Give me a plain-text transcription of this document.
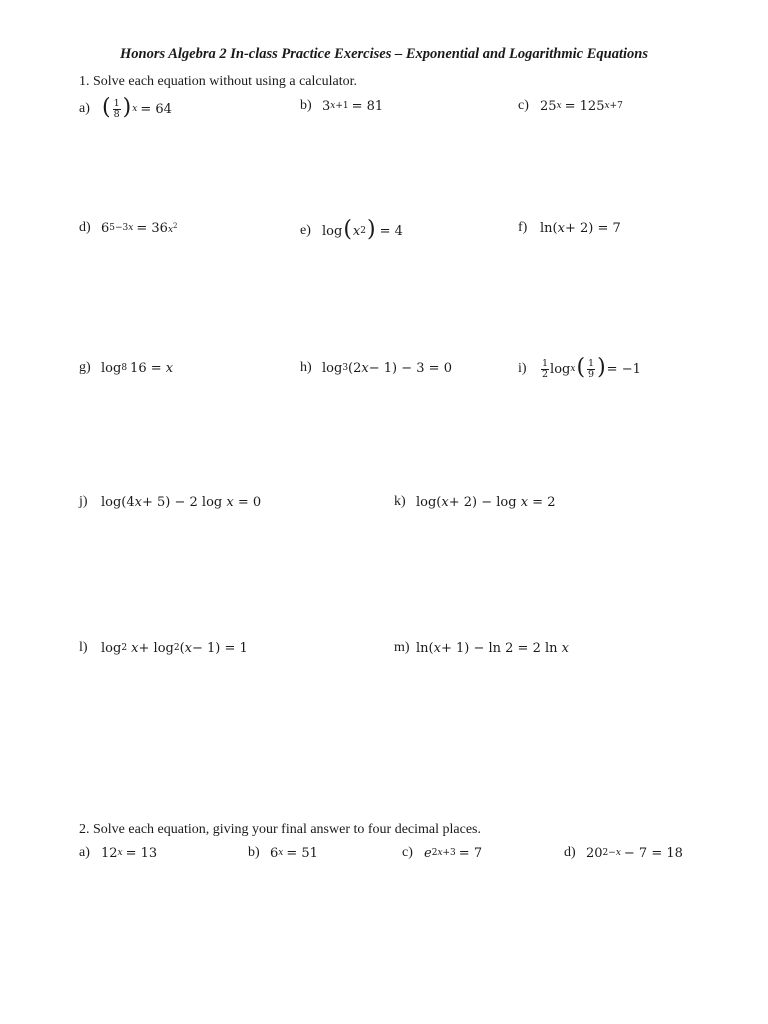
Honors Algebra 2 In-class Practice Exercises – Exponential and Logarithmic Equations
1. Solve each equation without using a calculator.
a) ( $\frac{1}{8}$ ) x = 64	b) 3 x+1 = 81	c) 25 x = 125 x+7
d) 6 5−3x = 36 $x^2$	e) log ( x 2 ) = 4	f) ln( x + 2) = 7
g) log 8 16 = x	h) log 3 (2 x − 1) − 3 = 0	i)	$\frac{1}{2}$ log x ( $\frac{1}{9}$ ) = −1
j)	log(4 x + 5) − 2 log x = 0	k) log( x + 2) − log x = 2
l)	log 2 x + log 2 ( x − 1) = 1	m) ln( x + 1) − ln 2 = 2 ln x
2. Solve each equation, giving your final answer to four decimal places.
a) 12 x = 13	b) 6 x = 51	c) e 2x+3 = 7	d) 20 2−x − 7 = 18
